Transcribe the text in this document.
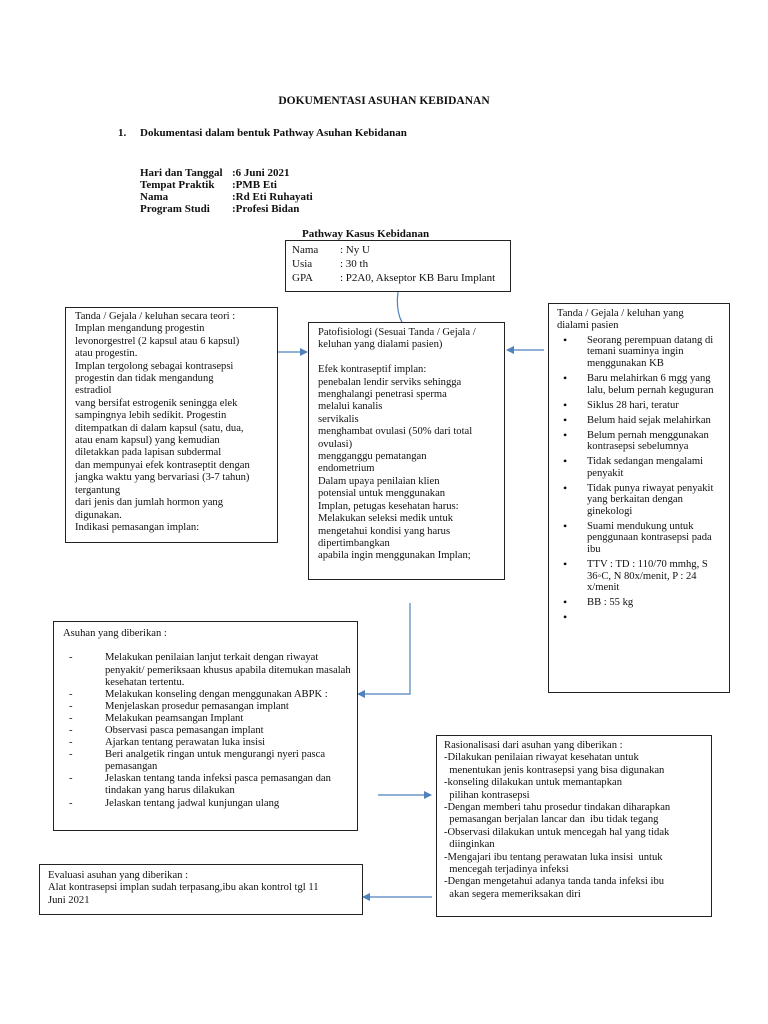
DOKUMENTASI ASUHAN KEBIDANAN
1. Dokumentasi dalam bentuk Pathway Asuhan Kebidanan
Hari dan Tanggal :6 Juni 2021
Tempat Praktik :PMB Eti
Nama	:Rd Eti Ruhayati
Program Studi :Profesi Bidan
Pathway Kasus Kebidanan
Nama : Ny U
Usia	: 30 th
GPA : P2A0, Akseptor KB Baru Implant
Tanda / Gejala / keluhan secara teori :
Implan mengandung progestin
levonorgestrel (2 kapsul atau 6 kapsul)
atau progestin.
Implan tergolong sebagai kontrasepsi
progestin dan tidak mengandung
estradiol
vang bersifat estrogenik seningga elek
sampingnya lebih sedikit. Progestin
ditempatkan di dalam kapsul (satu, dua,
atau enam kapsul) yang kemudian
diletakkan pada lapisan subdermal
dan mempunyai efek kontraseptit dengan
jangka waktu yang bervariasi (3-7 tahun)
tergantung
dari jenis dan jumlah hormon yang
digunakan.
Indikasi pemasangan implan:
Patofisiologi (Sesuai Tanda / Gejala /
keluhan yang dialami pasien)

Efek kontraseptif implan:
penebalan lendir serviks sehingga
menghalangi penetrasi sperma
melalui kanalis
servikalis
menghambat ovulasi (50% dari total
ovulasi)
mengganggu pematangan
endometrium
Dalam upaya penilaian klien
potensial untuk menggunakan
Implan, petugas kesehatan harus:
Melakukan seleksi medik untuk
mengetahui kondisi yang harus
dipertimbangkan
apabila ingin menggunakan Implan;
Tanda / Gejala / keluhan yang
dialami pasien
• Seorang perempuan datang di temani suaminya ingin menggunakan KB
• Baru melahirkan 6 mgg yang lalu, belum pernah keguguran
• Siklus 28 hari, teratur
• Belum haid sejak melahirkan
• Belum pernah menggunakan kontrasepsi sebelumnya
• Tidak sedangan mengalami penyakit
• Tidak punya riwayat penyakit yang berkaitan dengan ginekologi
• Suami mendukung untuk penggunaan kontrasepsi pada ibu
• TTV : TD : 110/70 mmhg, S 36◦C, N 80x/menit, P : 24 x/menit
• BB : 55 kg
•
Asuhan yang diberikan :
- Melakukan penilaian lanjut terkait dengan riwayat penyakit/ pemeriksaan khusus apabila ditemukan masalah kesehatan tertentu.
- Melakukan konseling dengan menggunakan ABPK :
- Menjelaskan prosedur pemasangan implant
- Melakukan peamsangan Implant
- Observasi pasca pemasangan implant
- Ajarkan tentang perawatan luka insisi
- Beri analgetik ringan untuk mengurangi nyeri pasca pemasangan
- Jelaskan tentang tanda infeksi pasca pemasangan dan tindakan yang harus dilakukan
- Jelaskan tentang jadwal kunjungan ulang
Rasionalisasi dari asuhan yang diberikan :
-Dilakukan penilaian riwayat kesehatan untuk
menentukan jenis kontrasepsi yang bisa digunakan
-konseling dilakukan untuk memantapkan
pilihan kontrasepsi
-Dengan memberi tahu prosedur tindakan diharapkan
pemasangan berjalan lancar dan  ibu tidak tegang
-Observasi dilakukan untuk mencegah hal yang tidak
diinginkan
-Mengajari ibu tentang perawatan luka insisi  untuk
mencegah terjadinya infeksi
-Dengan mengetahui adanya tanda tanda infeksi ibu
akan segera memeriksakan diri
Evaluasi asuhan yang diberikan :
Alat kontrasepsi implan sudah terpasang,ibu akan kontrol tgl 11
Juni 2021
